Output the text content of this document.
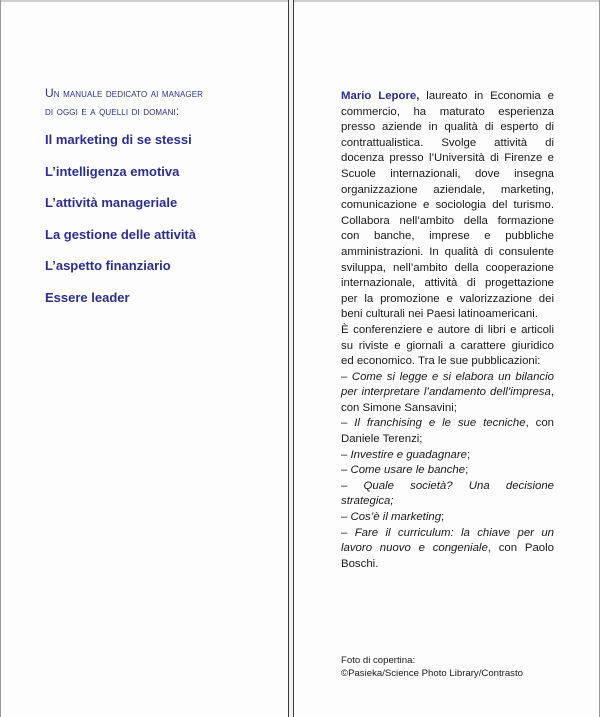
Un manuale dedicato ai manager
di oggi e a quelli di domani:
Il marketing di se stessi
L’intelligenza emotiva
L’attività manageriale
La gestione delle attività
L’aspetto finanziario
Essere leader

Mario Lepore, laureato in Economia e commercio, ha maturato esperienza presso aziende in qualità di esperto di contrattualistica. Svolge attività di docenza presso l’Università di Firenze e Scuole internazionali, dove insegna organizzazione aziendale, marketing, comunicazione e sociologia del turismo. Collabora nell’ambito della formazione con banche, imprese e pubbliche amministrazioni. In qualità di consulente sviluppa, nell’ambito della cooperazione internazionale, attività di progettazione per la promozione e valorizzazione dei beni culturali nei Paesi latinoamericani.

È conferenziere e autore di libri e articoli su riviste e giornali a carattere giuridico ed economico. Tra le sue pubblicazioni:

– Come si legge e si elabora un bilancio per interpretare l’andamento dell’impresa, con Simone Sansavini;
– Il franchising e le sue tecniche, con Daniele Terenzi;
– Investire e guadagnare;
– Come usare le banche;
– Quale società? Una decisione strategica;
– Cos’è il marketing;
– Fare il curriculum: la chiave per un lavoro nuovo e congeniale, con Paolo Boschi.
Foto di copertina:
©Pasieka/Science Photo Library/Contrasto
